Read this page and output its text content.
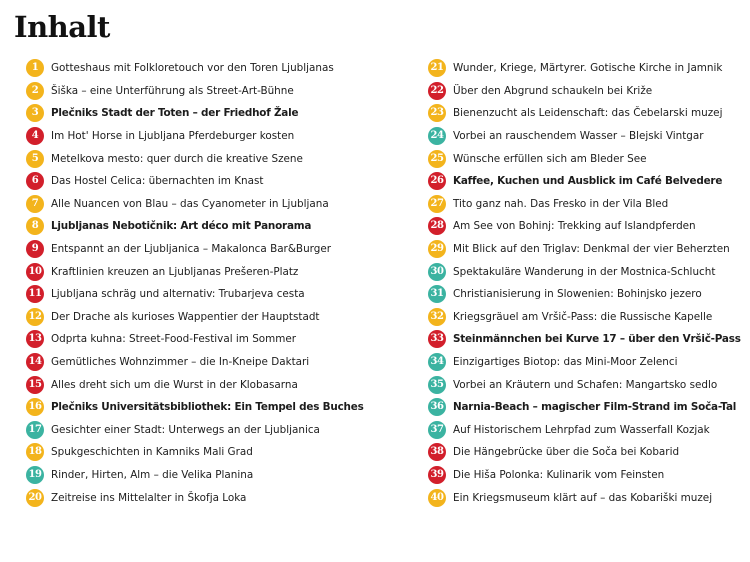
Inhalt
1	Gotteshaus mit Folkloretouch vor den Toren Ljubljanas
2	Šiška – eine Unterführung als Street-Art-Bühne
3	Plečniks Stadt der Toten – der Friedhof Žale
4	Im Hot' Horse in Ljubljana Pferdeburger kosten
5	Metelkova mesto: quer durch die kreative Szene
6	Das Hostel Celica: übernachten im Knast
7	Alle Nuancen von Blau – das Cyanometer in Ljubljana
8	Ljubljanas Nebotičnik: Art déco mit Panorama
9	Entspannt an der Ljubljanica – Makalonca Bar&Burger
10 Kraftlinien kreuzen an Ljubljanas Prešeren-Platz
11 Ljubljana schräg und alternativ: Trubarjeva cesta
12 Der Drache als kurioses Wappentier der Hauptstadt
13 Odprta kuhna: Street-Food-Festival im Sommer
14 Gemütliches Wohnzimmer – die In-Kneipe Daktari
15 Alles dreht sich um die Wurst in der Klobasarna
16 Plečniks Universitätsbibliothek: Ein Tempel des Buches
17 Gesichter einer Stadt: Unterwegs an der Ljubljanica
18 Spukgeschichten in Kamniks Mali Grad
19 Rinder, Hirten, Alm – die Velika Planina
20 Zeitreise ins Mittelalter in Škofja Loka
21 Wunder, Kriege, Märtyrer. Gotische Kirche in Jamnik
22 Über den Abgrund schaukeln bei Križe
23 Bienenzucht als Leidenschaft: das Čebelarski muzej
24 Vorbei an rauschendem Wasser – Blejski Vintgar
25 Wünsche erfüllen sich am Bleder See
26 Kaffee, Kuchen und Ausblick im Café Belvedere
27 Tito ganz nah. Das Fresko in der Vila Bled
28 Am See von Bohinj: Trekking auf Islandpferden
29 Mit Blick auf den Triglav: Denkmal der vier Beherzten
30 Spektakuläre Wanderung in der Mostnica-Schlucht
31 Christianisierung in Slowenien: Bohinjsko jezero
32 Kriegsgräuel am Vršič-Pass: die Russische Kapelle
33 Steinmännchen bei Kurve 17 – über den Vršič-Pass
34 Einzigartiges Biotop: das Mini-Moor Zelenci
35 Vorbei an Kräutern und Schafen: Mangartsko sedlo
36 Narnia-Beach – magischer Film-Strand im Soča-Tal
37 Auf Historischem Lehrpfad zum Wasserfall Kozjak
38 Die Hängebrücke über die Soča bei Kobarid
39 Die Hiša Polonka: Kulinarik vom Feinsten
40 Ein Kriegsmuseum klärt auf – das Kobariški muzej
